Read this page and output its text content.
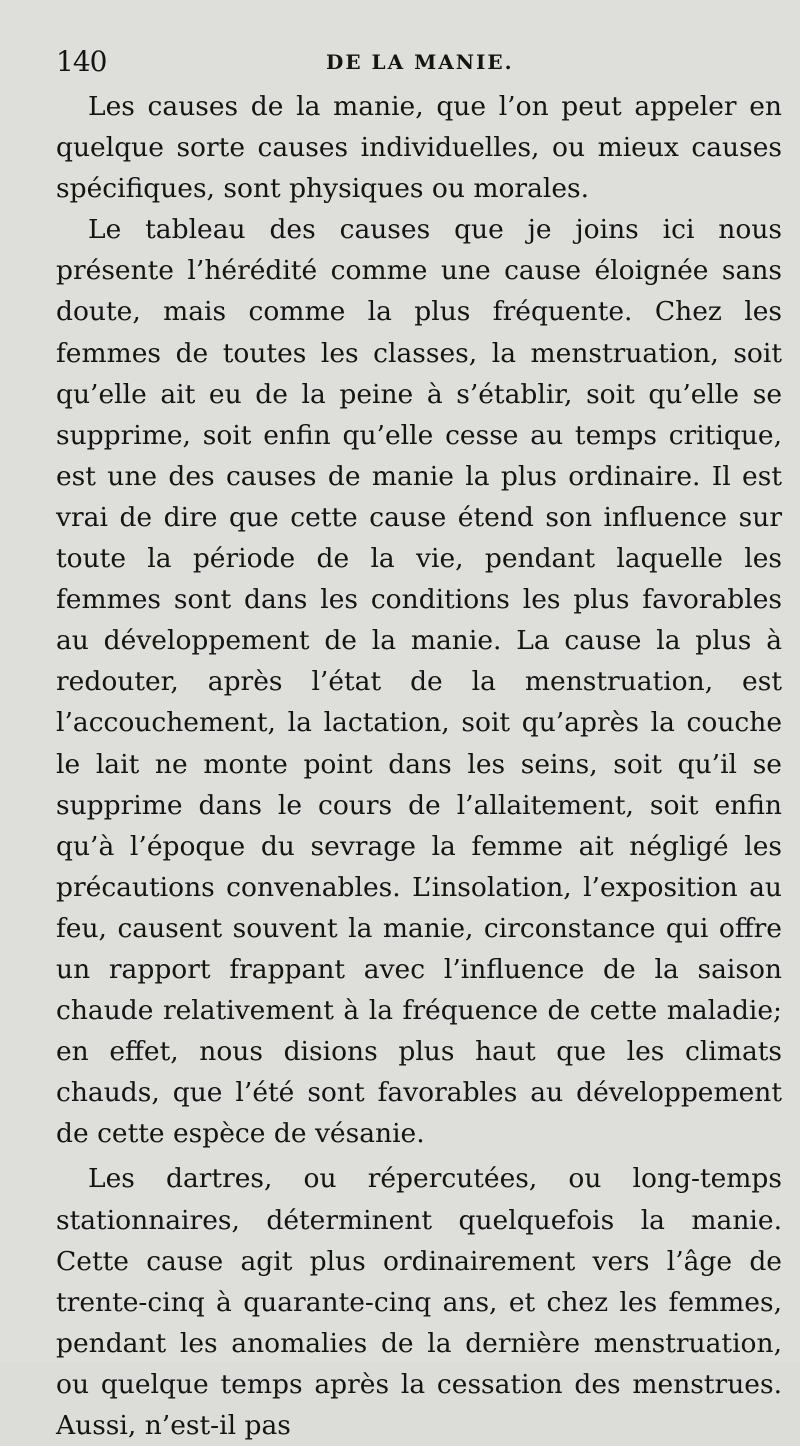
140	DE LA MANIE.

Les causes de la manie, que l’on peut appeler en quelque sorte causes individuelles, ou mieux causes spécifiques, sont physiques ou morales.

Le tableau des causes que je joins ici nous présente l’hérédité comme une cause éloignée sans doute, mais comme la plus fréquente. Chez les femmes de toutes les classes, la menstruation, soit qu’elle ait eu de la peine à s’établir, soit qu’elle se supprime, soit enfin qu’elle cesse au temps critique, est une des causes de manie la plus ordinaire. Il est vrai de dire que cette cause étend son influence sur toute la période de la vie, pendant laquelle les femmes sont dans les conditions les plus favorables au développement de la manie. La cause la plus à redouter, après l’état de la menstruation, est l’accouchement, la lactation, soit qu’après la couche le lait ne monte point dans les seins, soit qu’il se supprime dans le cours de l’allaitement, soit enfin qu’à l’époque du sevrage la femme ait négligé les précautions convenables. L’insolation, l’exposition au feu, causent souvent la manie, circonstance qui offre un rapport frappant avec l’influence de la saison chaude relativement à la fréquence de cette maladie; en effet, nous disions plus haut que les climats chauds, que l’été sont favorables au développement de cette espèce de vésanie.

Les dartres, ou répercutées, ou long-temps stationnaires, déterminent quelquefois la manie. Cette cause agit plus ordinairement vers l’âge de trente-cinq à quarante-cinq ans, et chez les femmes, pendant les anomalies de la dernière menstruation, ou quelque temps après la cessation des menstrues. Aussi, n’est-il pas
